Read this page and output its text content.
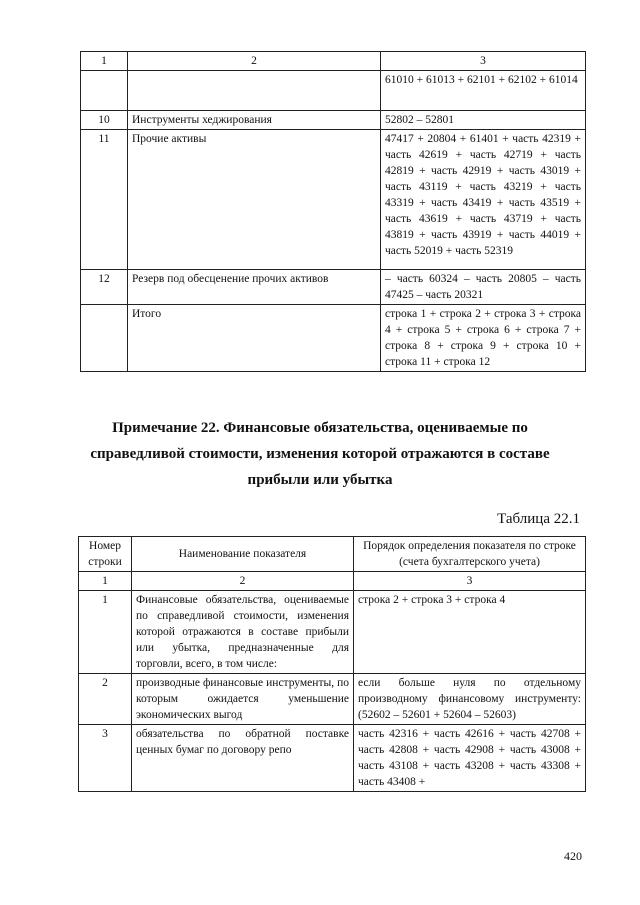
1	2	3
		61010 + 61013 + 62101 + 62102 + 61014
10	Инструменты хеджирования	52802 – 52801
11	Прочие активы	47417 + 20804 + 61401 + часть 42319 + часть 42619 + часть 42719 + часть 42819 + часть 42919 + часть 43019 + часть 43119 + часть 43219 + часть 43319 + часть 43419 + часть 43519 + часть 43619 + часть 43719 + часть 43819 + часть 43919 + часть 44019 + часть 52019 + часть 52319
12	Резерв под обесценение прочих активов	– часть 60324 – часть 20805 – часть 47425 – часть 20321
	Итого	строка 1 + строка 2 + строка 3 + строка 4 + строка 5 + строка 6 + строка 7 + строка 8 + строка 9 + строка 10 + строка 11 + строка 12
Примечание 22. Финансовые обязательства, оцениваемые по
справедливой стоимости, изменения которой отражаются в составе
прибыли или убытка
Таблица 22.1
Номер строки	Наименование показателя	Порядок определения показателя по строке (счета бухгалтерского учета)
1	2	3
1	Финансовые обязательства, оцениваемые по справедливой стоимости, изменения которой отражаются в составе прибыли или убытка, предназначенные для торговли, всего, в том числе:	строка 2 + строка 3 + строка 4
2	производные финансовые инструменты, по которым ожидается уменьшение экономических выгод	если больше нуля по отдельному производному финансовому инструменту: (52602 – 52601 + 52604 – 52603)
3	обязательства по обратной поставке ценных бумаг по договору репо	часть 42316 + часть 42616 + часть 42708 + часть 42808 + часть 42908 + часть 43008 + часть 43108 + часть 43208 + часть 43308 + часть 43408 +
420
